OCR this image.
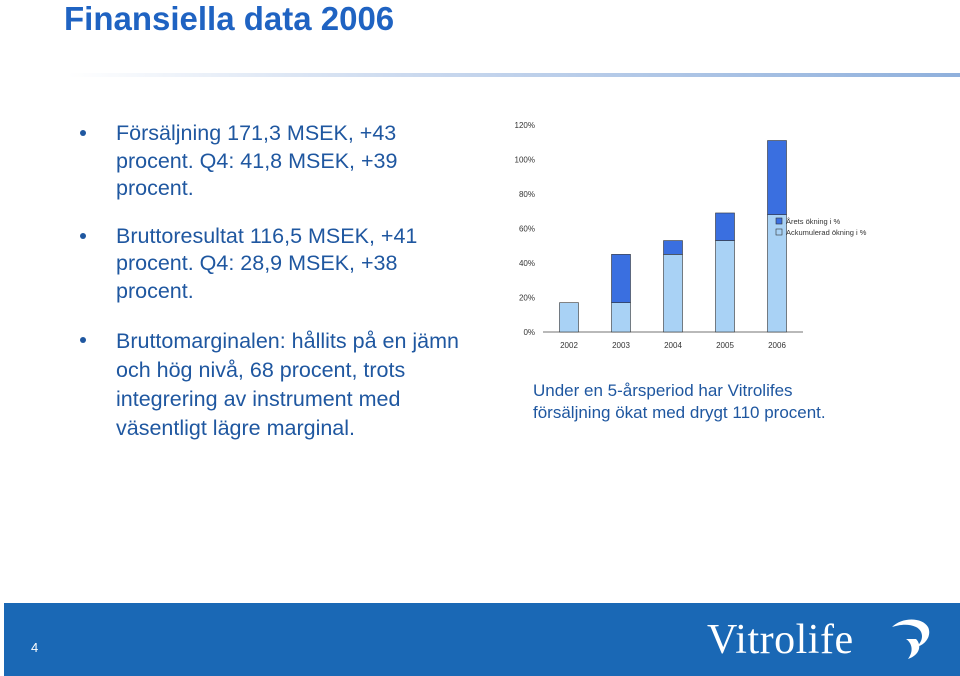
Finansiella data 2006
Försäljning 171,3 MSEK, +43 procent. Q4: 41,8 MSEK, +39 procent.
Bruttoresultat 116,5 MSEK, +41 procent. Q4: 28,9 MSEK, +38 procent.
Bruttomarginalen: hållits på en jämn och hög nivå, 68 procent, trots integrering av instrument med väsentligt lägre marginal.
0%
20%
40%
60%
80%
100%
120%
2002	2003	2004	2005	2006
Årets ökning i %
Ackumulerad ökning i %
Under en 5-årsperiod har Vitrolifes försäljning ökat med drygt 110 procent.
4	Vitrolife
